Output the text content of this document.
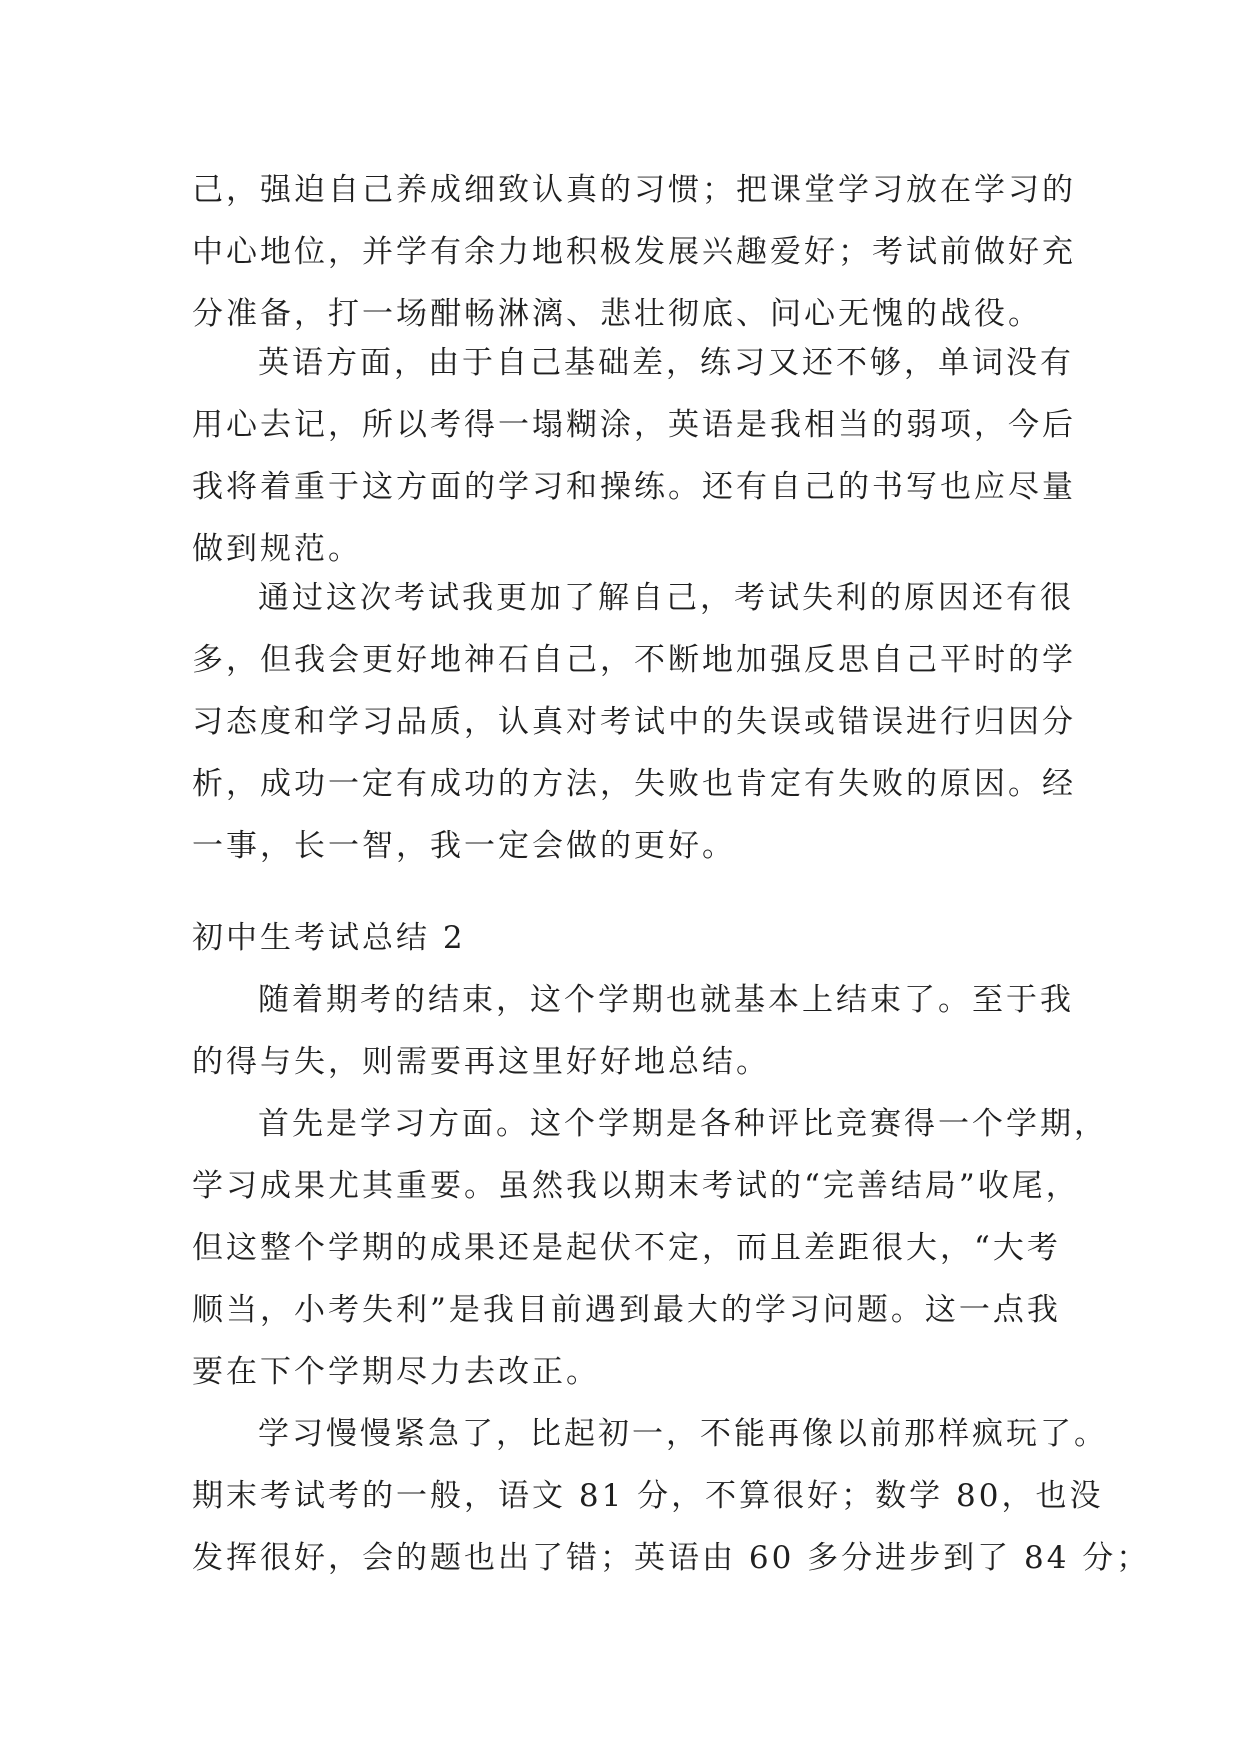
己，强迫自己养成细致认真的习惯；把课堂学习放在学习的
中心地位，并学有余力地积极发展兴趣爱好；考试前做好充
分准备，打一场酣畅淋漓、悲壮彻底、问心无愧的战役。
英语方面，由于自己基础差，练习又还不够，单词没有
用心去记，所以考得一塌糊涂，英语是我相当的弱项，今后
我将着重于这方面的学习和操练。还有自己的书写也应尽量
做到规范。
通过这次考试我更加了解自己，考试失利的原因还有很
多，但我会更好地神石自己，不断地加强反思自己平时的学
习态度和学习品质，认真对考试中的失误或错误进行归因分
析，成功一定有成功的方法，失败也肯定有失败的原因。经
一事，长一智，我一定会做的更好。
初中生考试总结 2
随着期考的结束，这个学期也就基本上结束了。至于我
的得与失，则需要再这里好好地总结。
首先是学习方面。这个学期是各种评比竞赛得一个学期，
学习成果尤其重要。虽然我以期末考试的“完善结局”收尾，
但这整个学期的成果还是起伏不定，而且差距很大，“大考
顺当，小考失利”是我目前遇到最大的学习问题。这一点我
要在下个学期尽力去改正。
学习慢慢紧急了，比起初一，不能再像以前那样疯玩了。
期末考试考的一般，语文 81 分，不算很好；数学 80，也没
发挥很好，会的题也出了错；英语由 60 多分进步到了 84 分；
